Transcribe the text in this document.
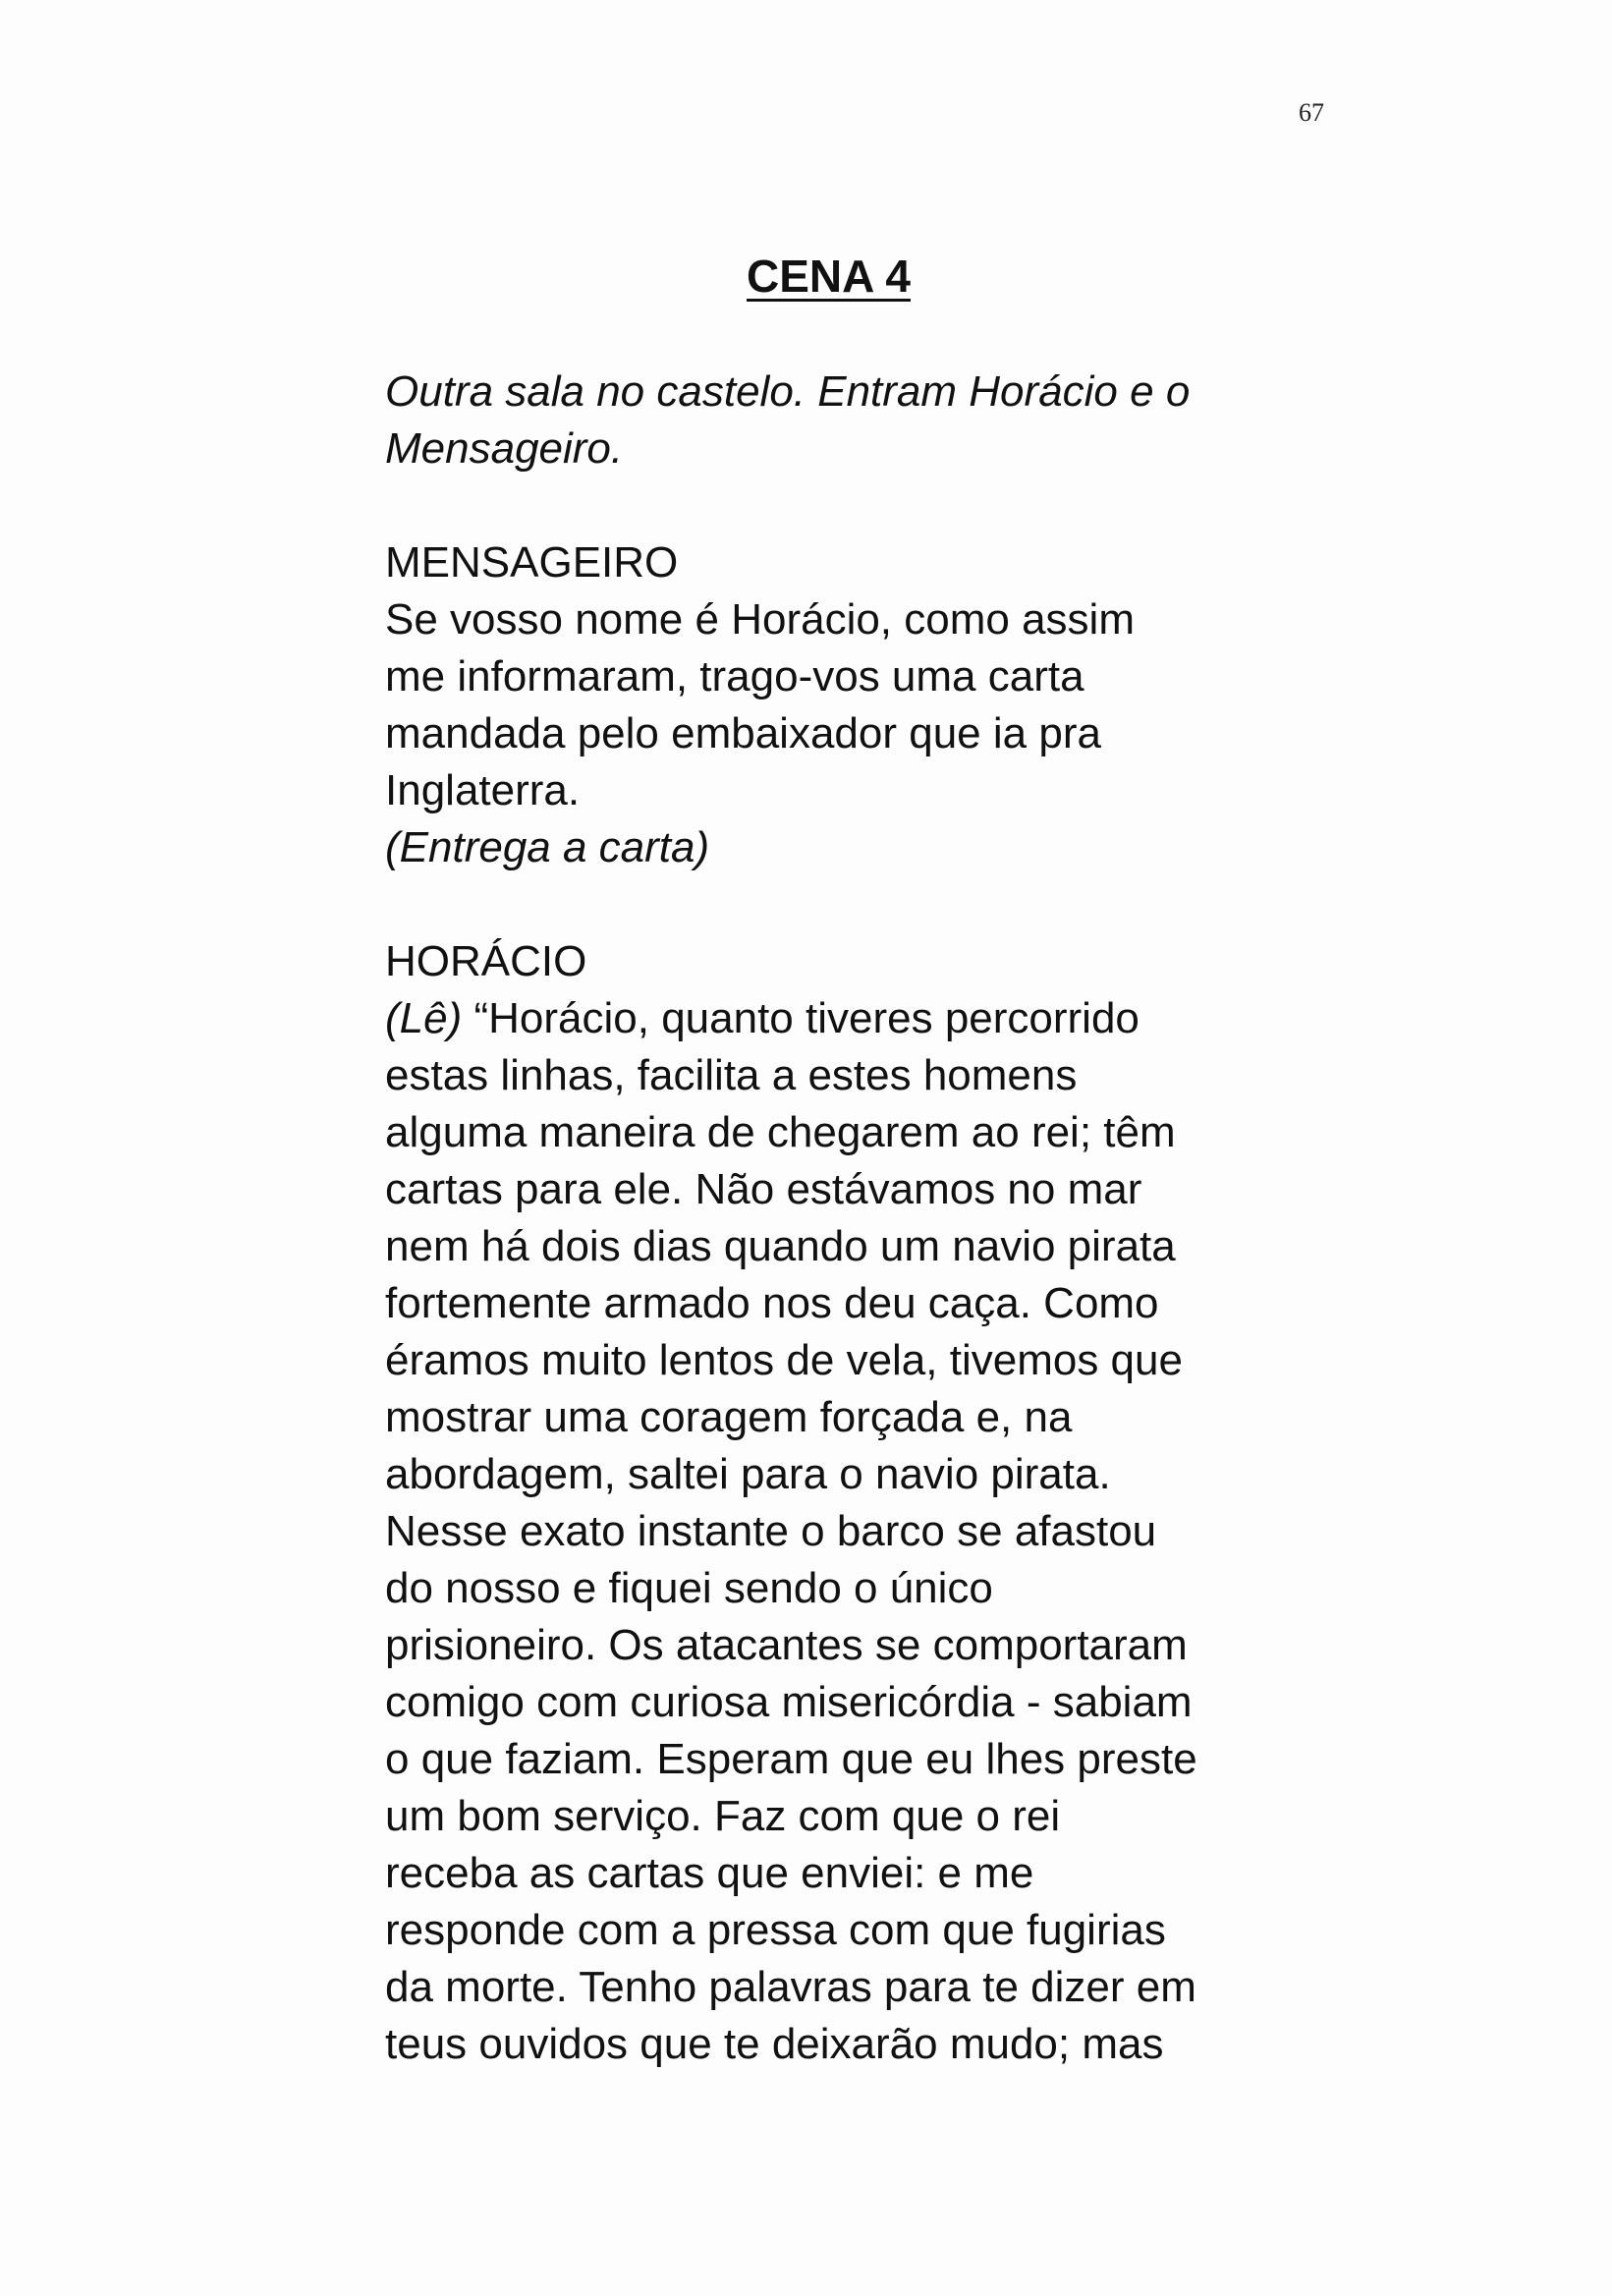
67
CENA 4
Outra sala no castelo. Entram Horácio e o
Mensageiro.
MENSAGEIRO
Se vosso nome é Horácio, como assim
me informaram, trago-vos uma carta
mandada pelo embaixador que ia pra
Inglaterra.
(Entrega a carta)
HORÁCIO
(Lê) “Horácio, quanto tiveres percorrido
estas linhas, facilita a estes homens
alguma maneira de chegarem ao rei; têm
cartas para ele. Não estávamos no mar
nem há dois dias quando um navio pirata
fortemente armado nos deu caça. Como
éramos muito lentos de vela, tivemos que
mostrar uma coragem forçada e, na
abordagem, saltei para o navio pirata.
Nesse exato instante o barco se afastou
do nosso e fiquei sendo o único
prisioneiro. Os atacantes se comportaram
comigo com curiosa misericórdia - sabiam
o que faziam. Esperam que eu lhes preste
um bom serviço. Faz com que o rei
receba as cartas que enviei: e me
responde com a pressa com que fugirias
da morte. Tenho palavras para te dizer em
teus ouvidos que te deixarão mudo; mas
